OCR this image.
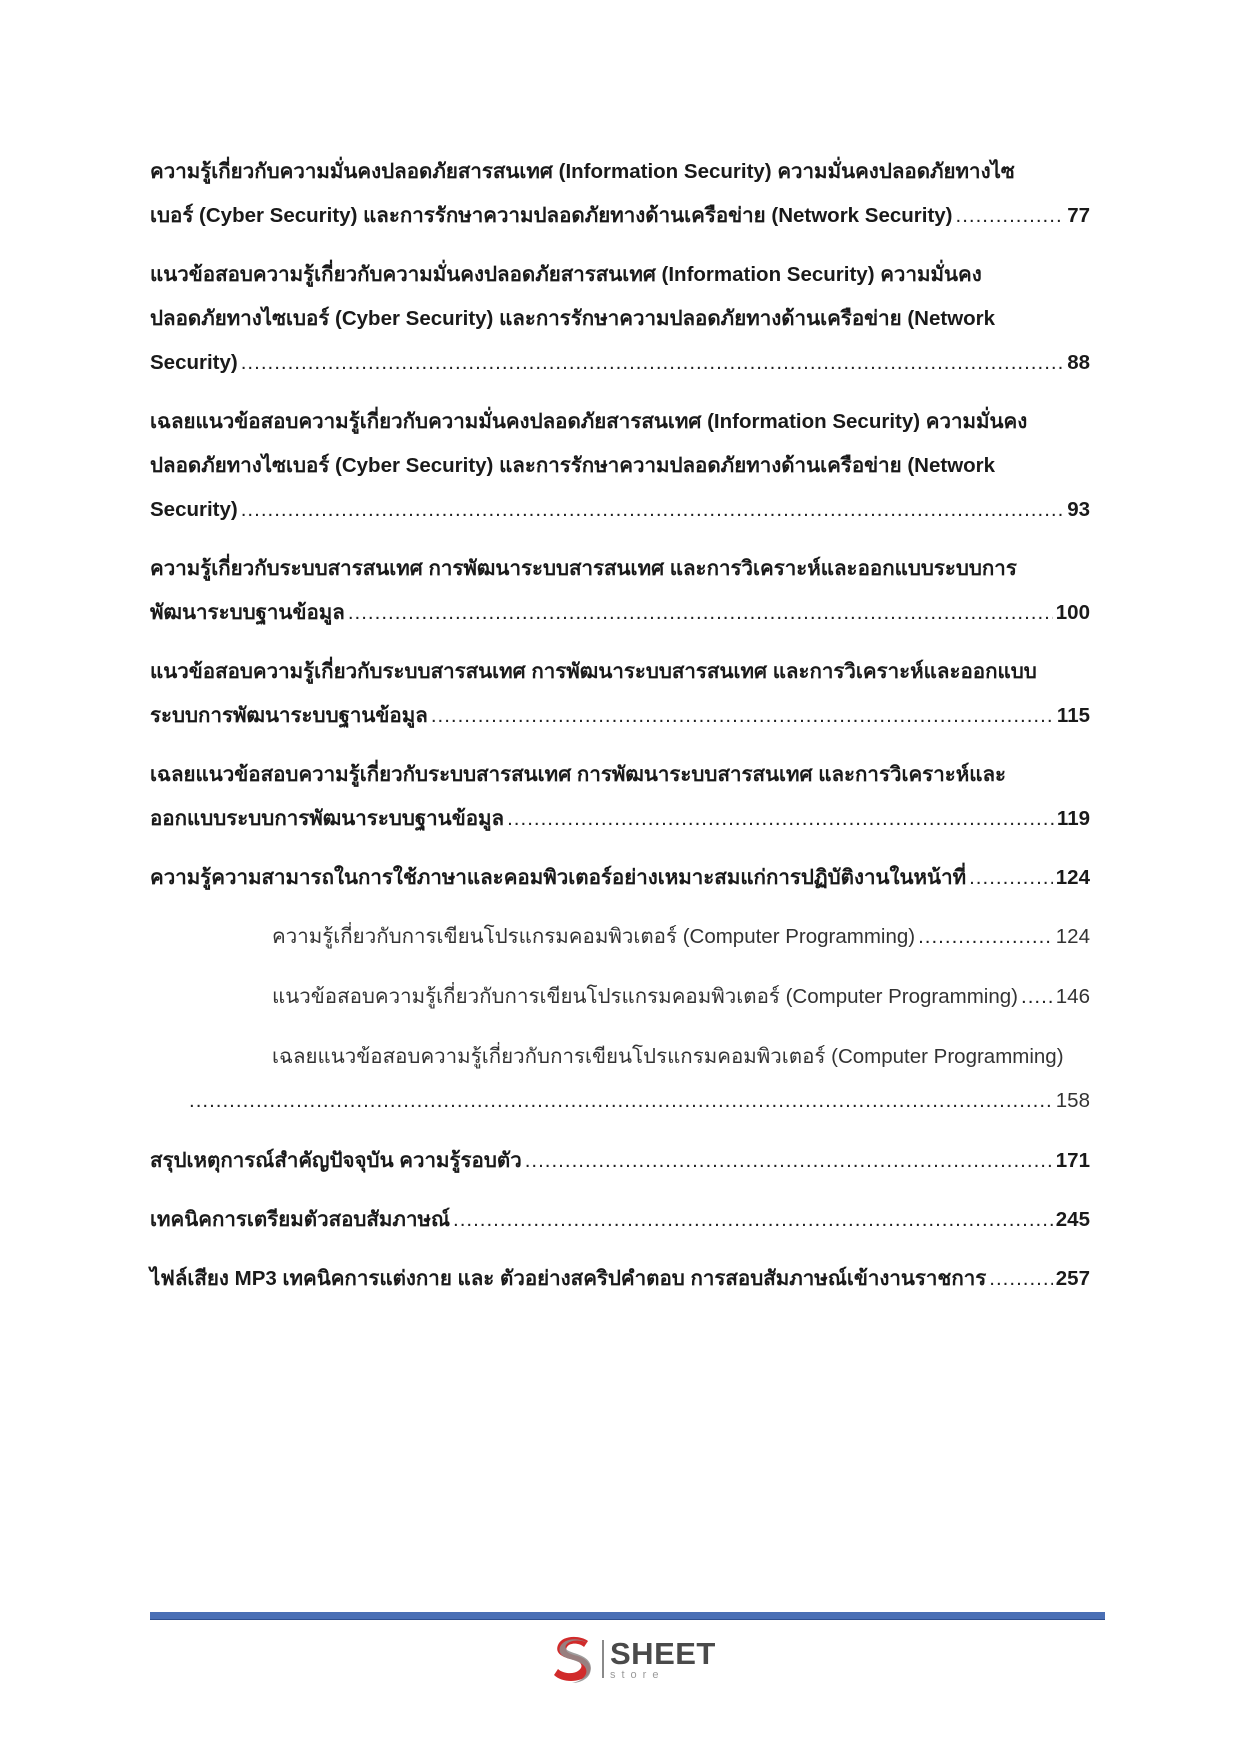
ความรู้เกี่ยวกับความมั่นคงปลอดภัยสารสนเทศ (Information Security) ความมั่นคงปลอดภัยทางไซ
เบอร์ (Cyber Security) และการรักษาความปลอดภัยทางด้านเครือข่าย (Network Security) .....	77
แนวข้อสอบความรู้เกี่ยวกับความมั่นคงปลอดภัยสารสนเทศ (Information Security) ความมั่นคง
ปลอดภัยทางไซเบอร์ (Cyber Security) และการรักษาความปลอดภัยทางด้านเครือข่าย (Network
Security) .....	88
เฉลยแนวข้อสอบความรู้เกี่ยวกับความมั่นคงปลอดภัยสารสนเทศ (Information Security) ความมั่นคง
ปลอดภัยทางไซเบอร์ (Cyber Security) และการรักษาความปลอดภัยทางด้านเครือข่าย (Network
Security) .....	93
ความรู้เกี่ยวกับระบบสารสนเทศ การพัฒนาระบบสารสนเทศ และการวิเคราะห์และออกแบบระบบการ
พัฒนาระบบฐานข้อมูล .....	100
แนวข้อสอบความรู้เกี่ยวกับระบบสารสนเทศ การพัฒนาระบบสารสนเทศ และการวิเคราะห์และออกแบบ
ระบบการพัฒนาระบบฐานข้อมูล .....	115
เฉลยแนวข้อสอบความรู้เกี่ยวกับระบบสารสนเทศ การพัฒนาระบบสารสนเทศ และการวิเคราะห์และ
ออกแบบระบบการพัฒนาระบบฐานข้อมูล .....	119
ความรู้ความสามารถในการใช้ภาษาและคอมพิวเตอร์อย่างเหมาะสมแก่การปฏิบัติงานในหน้าที่ .....	124
ความรู้เกี่ยวกับการเขียนโปรแกรมคอมพิวเตอร์ (Computer Programming) .....	124
แนวข้อสอบความรู้เกี่ยวกับการเขียนโปรแกรมคอมพิวเตอร์ (Computer Programming) ..... 146
เฉลยแนวข้อสอบความรู้เกี่ยวกับการเขียนโปรแกรมคอมพิวเตอร์ (Computer Programming)
.....
158
สรุปเหตุการณ์สำคัญปัจจุบัน ความรู้รอบตัว .....	171
เทคนิคการเตรียมตัวสอบสัมภาษณ์ .....	245
ไฟล์เสียง MP3 เทคนิคการแต่งกาย และ ตัวอย่างสคริปคำตอบ การสอบสัมภาษณ์เข้างานราชการ .....	257
SHEET
store
